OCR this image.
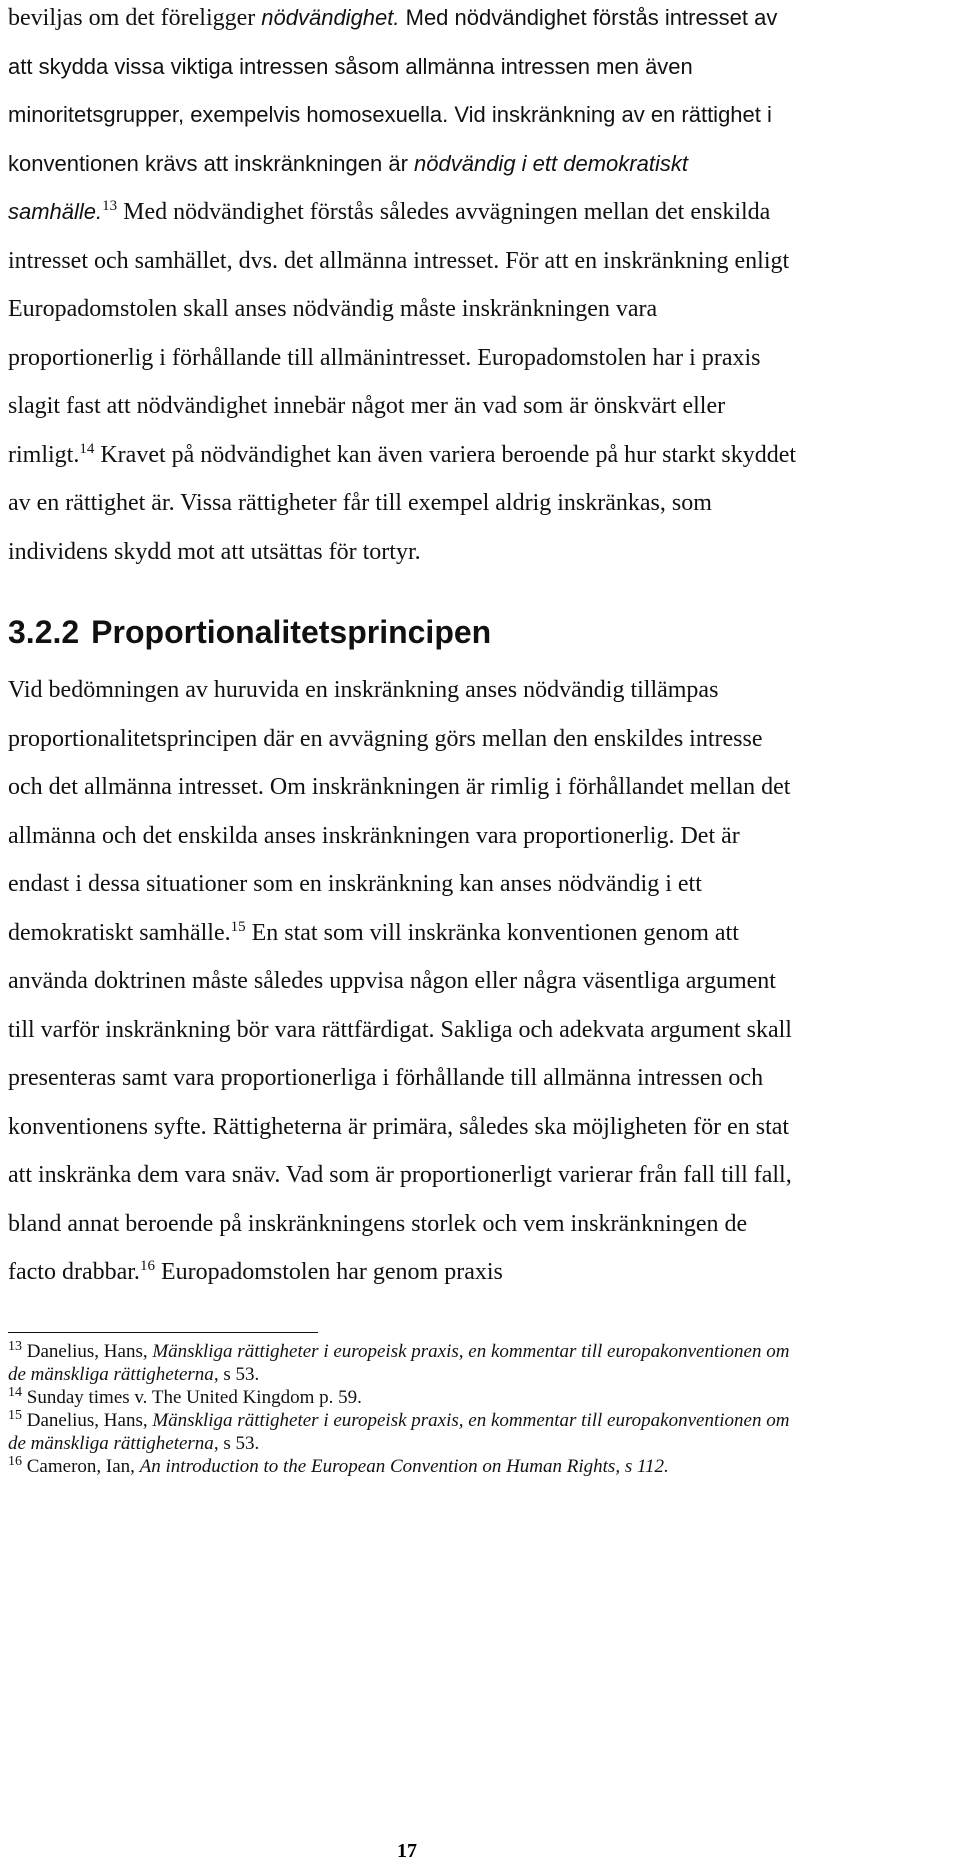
beviljas om det föreligger nödvändighet. Med nödvändighet förstås intresset av att skydda vissa viktiga intressen såsom allmänna intressen men även minoritetsgrupper, exempelvis homosexuella. Vid inskränkning av en rättighet i konventionen krävs att inskränkningen är nödvändig i ett demokratiskt samhälle.$^{13}$ Med nödvändighet förstås således avvägningen mellan det enskilda intresset och samhället, dvs. det allmänna intresset. För att en inskränkning enligt Europadomstolen skall anses nödvändig måste inskränkningen vara proportionerlig i förhållande till allmänintresset. Europadomstolen har i praxis slagit fast att nödvändighet innebär något mer än vad som är önskvärt eller rimligt.$^{14}$ Kravet på nödvändighet kan även variera beroende på hur starkt skyddet av en rättighet är. Vissa rättigheter får till exempel aldrig inskränkas, som individens skydd mot att utsättas för tortyr.

3.2.2 Proportionalitetsprincipen

Vid bedömningen av huruvida en inskränkning anses nödvändig tillämpas proportionalitetsprincipen där en avvägning görs mellan den enskildes intresse och det allmänna intresset. Om inskränkningen är rimlig i förhållandet mellan det allmänna och det enskilda anses inskränkningen vara proportionerlig. Det är endast i dessa situationer som en inskränkning kan anses nödvändig i ett demokratiskt samhälle.$^{15}$ En stat som vill inskränka konventionen genom att använda doktrinen måste således uppvisa någon eller några väsentliga argument till varför inskränkning bör vara rättfärdigat. Sakliga och adekvata argument skall presenteras samt vara proportionerliga i förhållande till allmänna intressen och konventionens syfte. Rättigheterna är primära, således ska möjligheten för en stat att inskränka dem vara snäv. Vad som är proportionerligt varierar från fall till fall, bland annat beroende på inskränkningens storlek och vem inskränkningen de facto drabbar.$^{16}$ Europadomstolen har genom praxis

$^{13}$ Danelius, Hans, Mänskliga rättigheter i europeisk praxis, en kommentar till europakonventionen om de mänskliga rättigheterna, s 53.

$^{14}$ Sunday times v. The United Kingdom p. 59.

$^{15}$ Danelius, Hans, Mänskliga rättigheter i europeisk praxis, en kommentar till europakonventionen om de mänskliga rättigheterna, s 53.

$^{16}$ Cameron, Ian, An introduction to the European Convention on Human Rights, s 112.

17
